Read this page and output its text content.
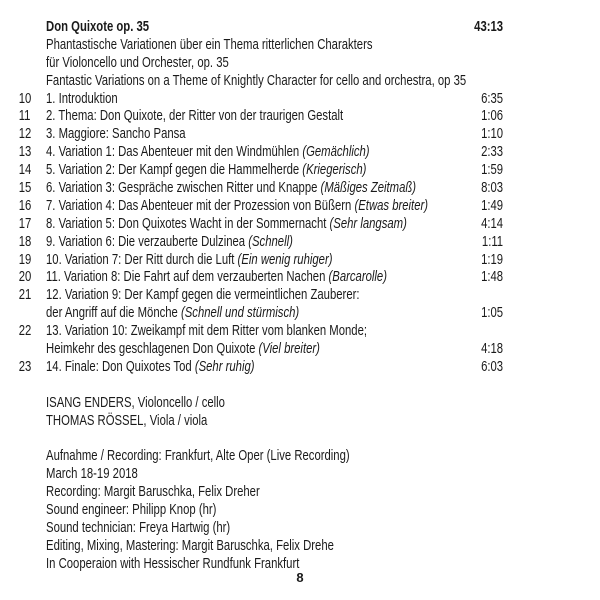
Don Quixote op. 35	43:13
Phantastische Variationen über ein Thema ritterlichen Charakters
für Violoncello und Orchester, op. 35
Fantastic Variations on a Theme of Knightly Character for cello and orchestra, op 35
10	1. Introduktion	6:35
11	2. Thema: Don Quixote, der Ritter von der traurigen Gestalt	1:06
12	3. Maggiore: Sancho Pansa	1:10
13	4. Variation 1: Das Abenteuer mit den Windmühlen (Gemächlich)	2:33
14	5. Variation 2: Der Kampf gegen die Hammelherde (Kriegerisch)	1:59
15	6. Variation 3: Gespräche zwischen Ritter und Knappe (Mäßiges Zeitmaß)	8:03
16	7. Variation 4: Das Abenteuer mit der Prozession von Büßern (Etwas breiter)	1:49
17	8. Variation 5: Don Quixotes Wacht in der Sommernacht (Sehr langsam)	4:14
18	9. Variation 6: Die verzauberte Dulzinea (Schnell)	1:11
19	10. Variation 7: Der Ritt durch die Luft (Ein wenig ruhiger)	1:19
20	11. Variation 8: Die Fahrt auf dem verzauberten Nachen (Barcarolle)	1:48
21	12. Variation 9: Der Kampf gegen die vermeintlichen Zauberer:
der Angriff auf die Mönche (Schnell und stürmisch)	1:05
22	13. Variation 10: Zweikampf mit dem Ritter vom blanken Monde;
Heimkehr des geschlagenen Don Quixote (Viel breiter)	4:18
23	14. Finale: Don Quixotes Tod (Sehr ruhig)	6:03
ISANG ENDERS, Violoncello / cello
THOMAS RÖSSEL, Viola / viola
Aufnahme / Recording: Frankfurt, Alte Oper (Live Recording)
March 18-19 2018
Recording: Margit Baruschka, Felix Dreher
Sound engineer: Philipp Knop (hr)
Sound technician: Freya Hartwig (hr)
Editing, Mixing, Mastering: Margit Baruschka, Felix Drehe
In Cooperaion with Hessischer Rundfunk Frankfurt
8
